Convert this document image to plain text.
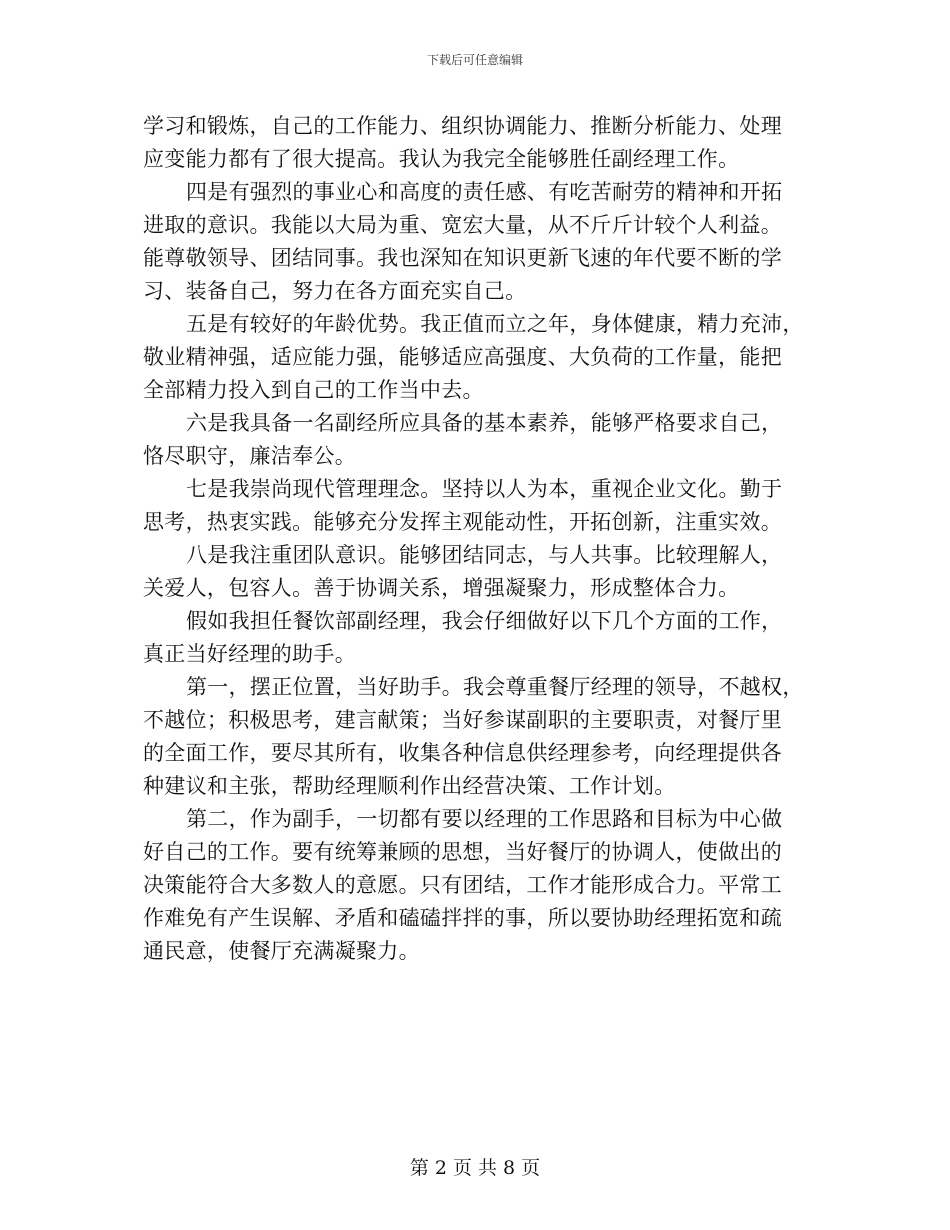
下载后可任意编辑
学习和锻炼，自己的工作能力、组织协调能力、推断分析能力、处理
应变能力都有了很大提高。我认为我完全能够胜任副经理工作。
四是有强烈的事业心和高度的责任感、有吃苦耐劳的精神和开拓
进取的意识。我能以大局为重、宽宏大量，从不斤斤计较个人利益。
能尊敬领导、团结同事。我也深知在知识更新飞速的年代要不断的学
习、装备自己，努力在各方面充实自己。
五是有较好的年龄优势。我正值而立之年，身体健康，精力充沛，
敬业精神强，适应能力强，能够适应高强度、大负荷的工作量，能把
全部精力投入到自己的工作当中去。
六是我具备一名副经所应具备的基本素养，能够严格要求自己，
恪尽职守，廉洁奉公。
七是我崇尚现代管理理念。坚持以人为本，重视企业文化。勤于
思考，热衷实践。能够充分发挥主观能动性，开拓创新，注重实效。
八是我注重团队意识。能够团结同志，与人共事。比较理解人，
关爱人，包容人。善于协调关系，增强凝聚力，形成整体合力。
假如我担任餐饮部副经理，我会仔细做好以下几个方面的工作，
真正当好经理的助手。
第一，摆正位置，当好助手。我会尊重餐厅经理的领导，不越权，
不越位；积极思考，建言献策；当好参谋副职的主要职责，对餐厅里
的全面工作，要尽其所有，收集各种信息供经理参考，向经理提供各
种建议和主张，帮助经理顺利作出经营决策、工作计划。
第二，作为副手，一切都有要以经理的工作思路和目标为中心做
好自己的工作。要有统筹兼顾的思想，当好餐厅的协调人，使做出的
决策能符合大多数人的意愿。只有团结，工作才能形成合力。平常工
作难免有产生误解、矛盾和磕磕拌拌的事，所以要协助经理拓宽和疏
通民意，使餐厅充满凝聚力。
第 2 页 共 8 页
